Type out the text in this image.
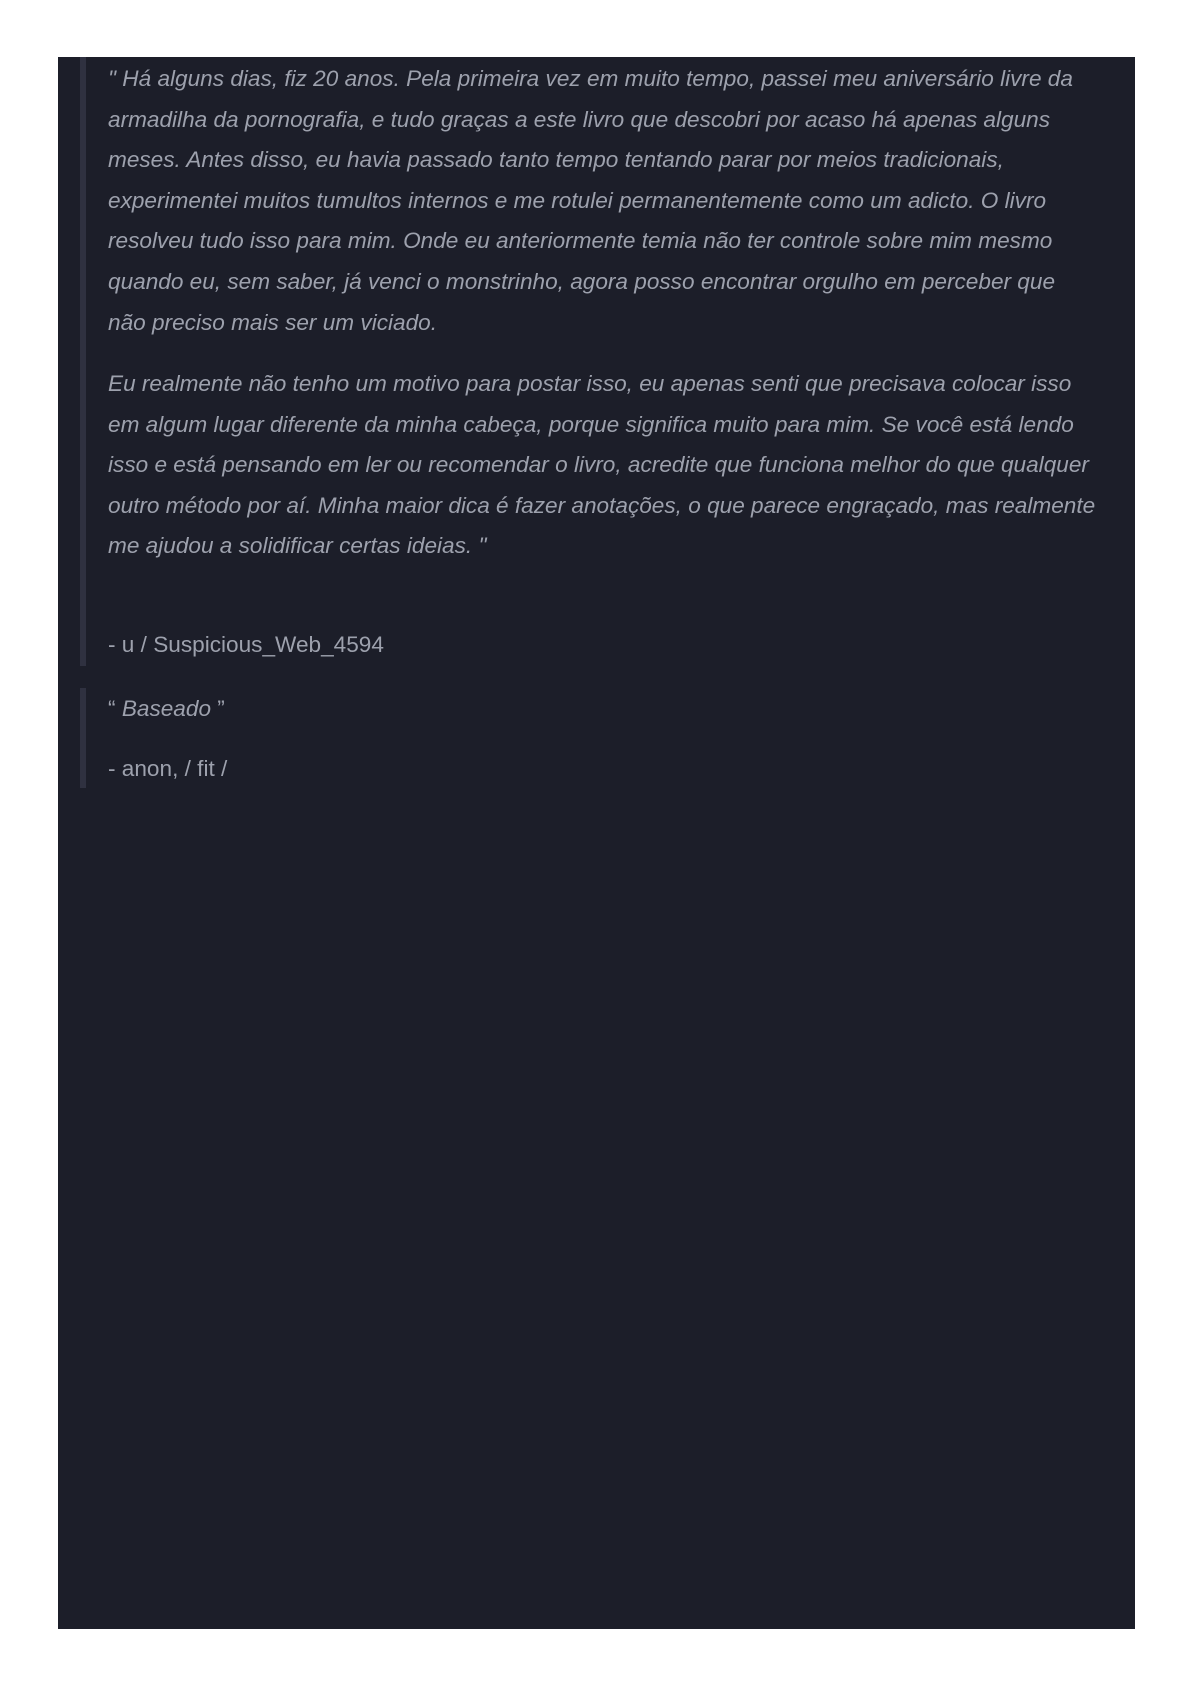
" Há alguns dias, fiz 20 anos. Pela primeira vez em muito tempo, passei meu aniversário livre da armadilha da pornografia, e tudo graças a este livro que descobri por acaso há apenas alguns meses. Antes disso, eu havia passado tanto tempo tentando parar por meios tradicionais, experimentei muitos tumultos internos e me rotulei permanentemente como um adicto. O livro resolveu tudo isso para mim. Onde eu anteriormente temia não ter controle sobre mim mesmo quando eu, sem saber, já venci o monstrinho, agora posso encontrar orgulho em perceber que não preciso mais ser um viciado.

Eu realmente não tenho um motivo para postar isso, eu apenas senti que precisava colocar isso em algum lugar diferente da minha cabeça, porque significa muito para mim. Se você está lendo isso e está pensando em ler ou recomendar o livro, acredite que funciona melhor do que qualquer outro método por aí. Minha maior dica é fazer anotações, o que parece engraçado, mas realmente me ajudou a solidificar certas ideias. "

- u / Suspicious_Web_4594

“ Baseado ”

- anon, / fit /
